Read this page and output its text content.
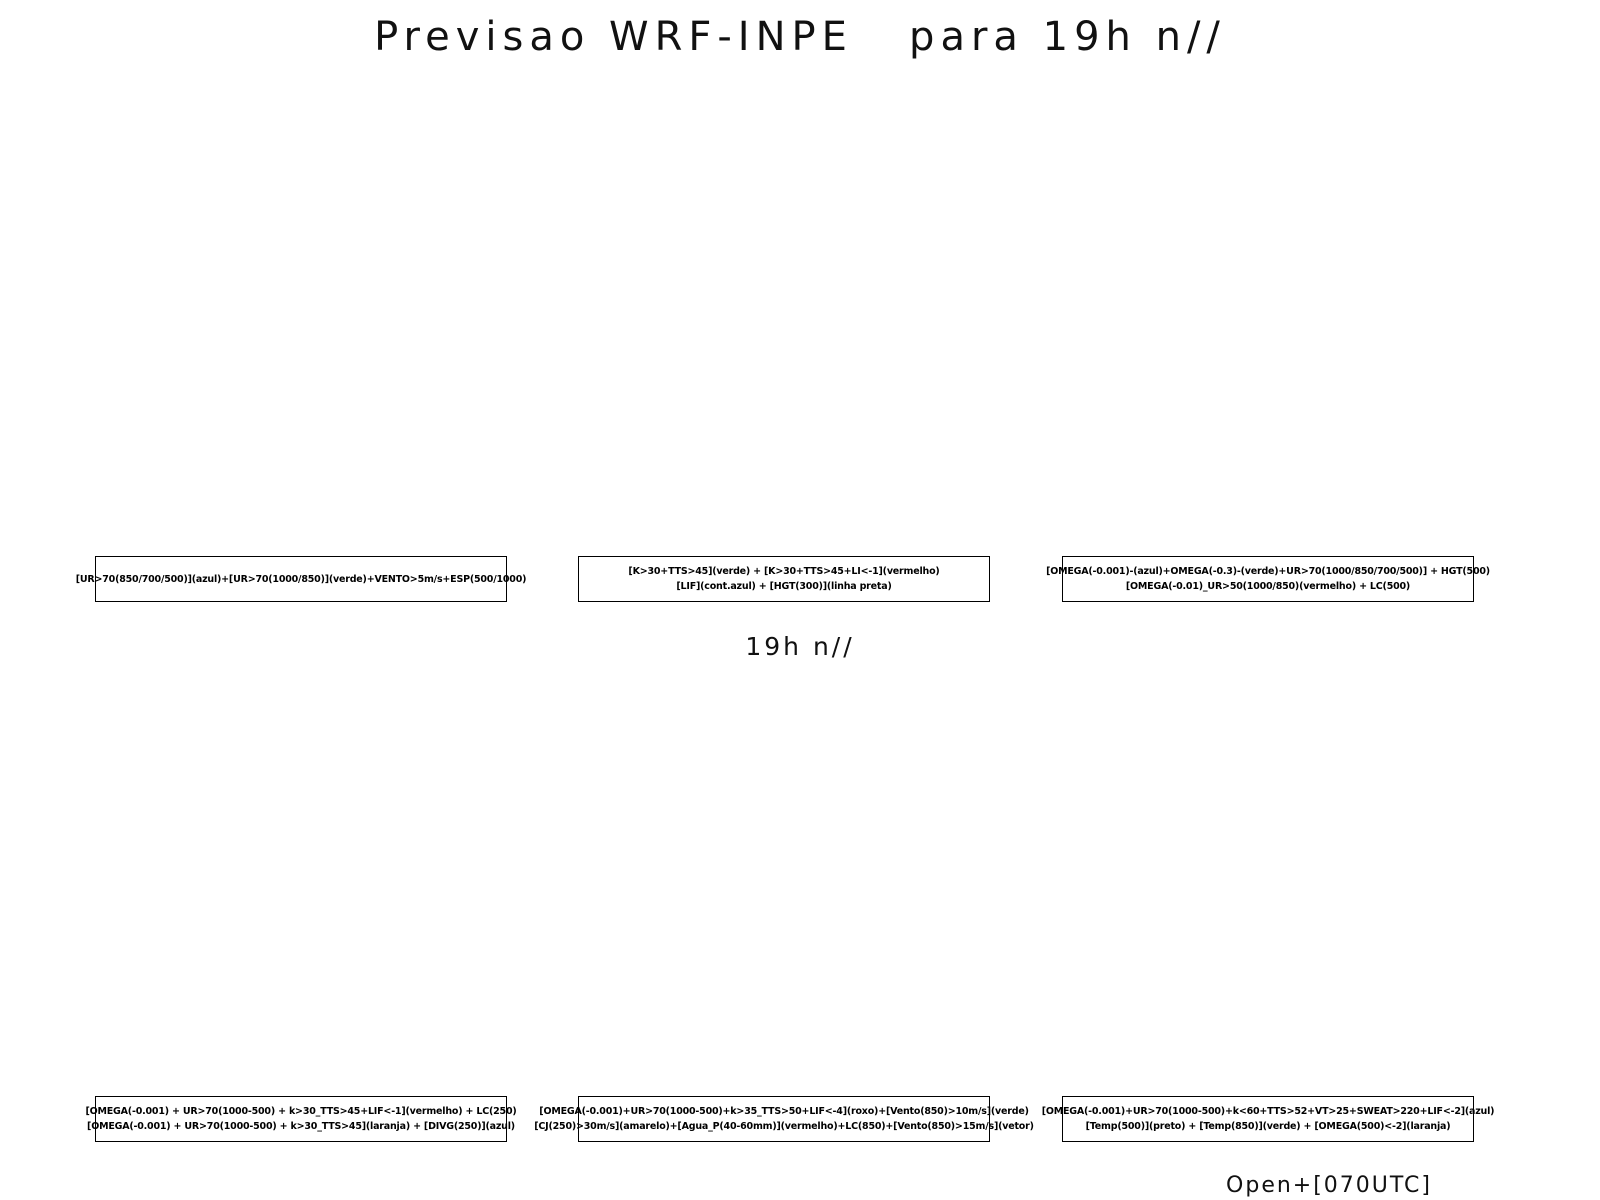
Previsao WRF-INPE   para 19h n//
19h n//
[UR>70(850/700/500)](azul)+[UR>70(1000/850)](verde)+VENTO>5m/s+ESP(500/1000)
[K>30+TTS>45](verde) + [K>30+TTS>45+LI<-1](vermelho)
[LIF](cont.azul) + [HGT(300)](linha preta)
[OMEGA(-0.001)-(azul)+OMEGA(-0.3)-(verde)+UR>70(1000/850/700/500)] + HGT(500)
[OMEGA(-0.01)_UR>50(1000/850)(vermelho) + LC(500)
[OMEGA(-0.001) + UR>70(1000-500) + k>30_TTS>45+LIF<-1](vermelho) + LC(250)
[OMEGA(-0.001) + UR>70(1000-500) + k>30_TTS>45](laranja) + [DIVG(250)](azul)
[OMEGA(-0.001)+UR>70(1000-500)+k>35_TTS>50+LIF<-4](roxo)+[Vento(850)>10m/s](verde)
[CJ(250)>30m/s](amarelo)+[Agua_P(40-60mm)](vermelho)+LC(850)+[Vento(850)>15m/s](vetor)
[OMEGA(-0.001)+UR>70(1000-500)+k<60+TTS>52+VT>25+SWEAT>220+LIF<-2](azul)
[Temp(500)](preto) + [Temp(850)](verde) + [OMEGA(500)<-2](laranja)
Open+[070UTC]
